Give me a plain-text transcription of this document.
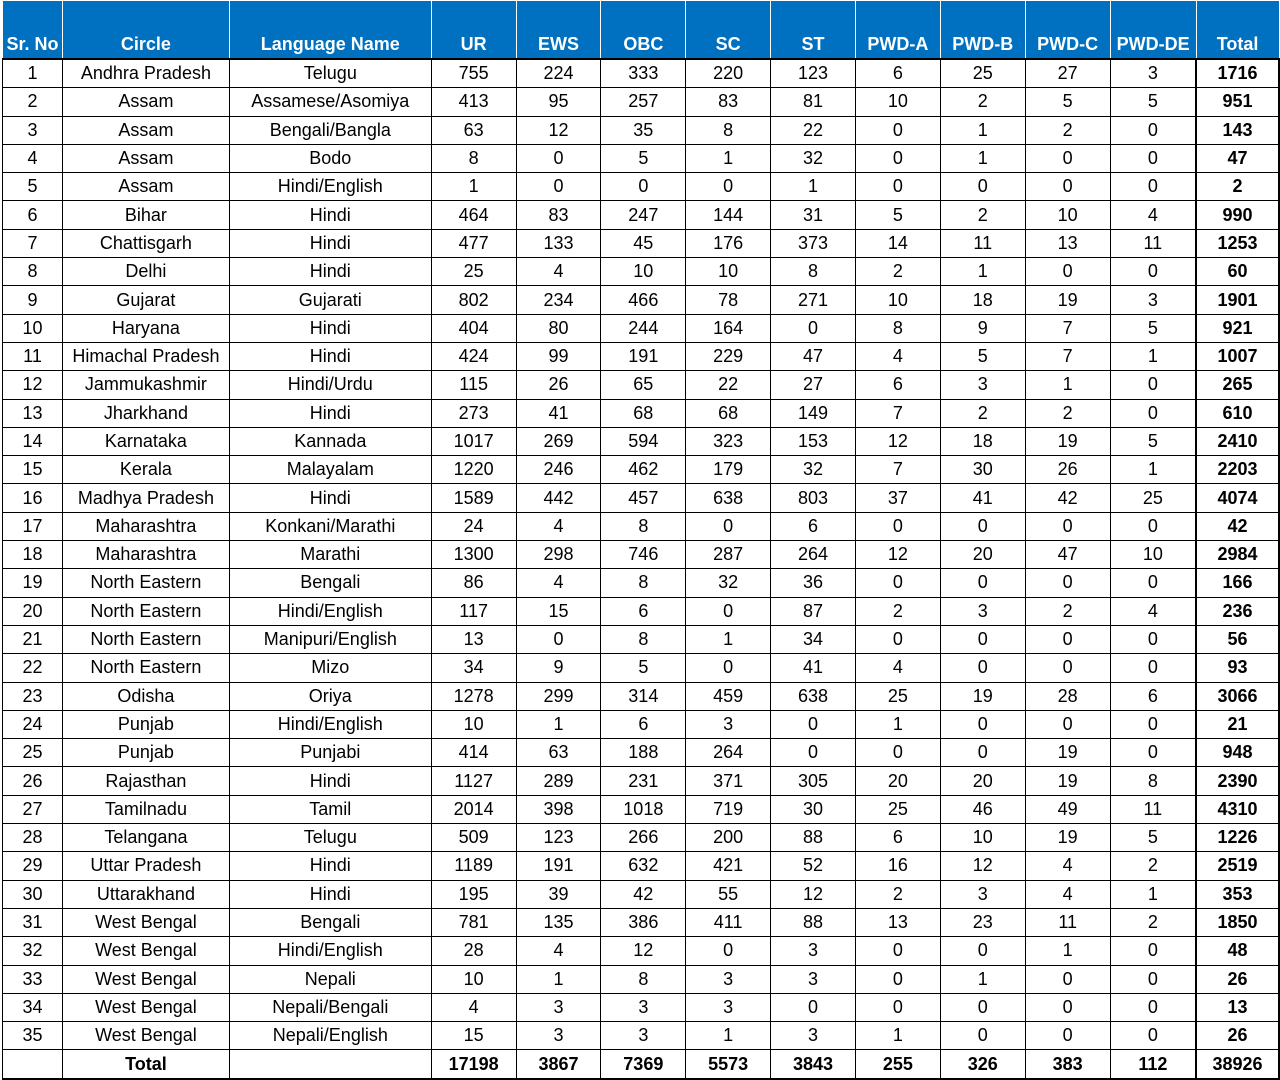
Sr. No	Circle	Language Name	UR	EWS	OBC	SC	ST	PWD-A	PWD-B	PWD-C	PWD-DE	Total
1	Andhra Pradesh	Telugu	755	224	333	220	123	6	25	27	3	1716
2	Assam	Assamese/Asomiya	413	95	257	83	81	10	2	5	5	951
3	Assam	Bengali/Bangla	63	12	35	8	22	0	1	2	0	143
4	Assam	Bodo	8	0	5	1	32	0	1	0	0	47
5	Assam	Hindi/English	1	0	0	0	1	0	0	0	0	2
6	Bihar	Hindi	464	83	247	144	31	5	2	10	4	990
7	Chattisgarh	Hindi	477	133	45	176	373	14	11	13	11	1253
8	Delhi	Hindi	25	4	10	10	8	2	1	0	0	60
9	Gujarat	Gujarati	802	234	466	78	271	10	18	19	3	1901
10	Haryana	Hindi	404	80	244	164	0	8	9	7	5	921
11	Himachal Pradesh	Hindi	424	99	191	229	47	4	5	7	1	1007
12	Jammukashmir	Hindi/Urdu	115	26	65	22	27	6	3	1	0	265
13	Jharkhand	Hindi	273	41	68	68	149	7	2	2	0	610
14	Karnataka	Kannada	1017	269	594	323	153	12	18	19	5	2410
15	Kerala	Malayalam	1220	246	462	179	32	7	30	26	1	2203
16	Madhya Pradesh	Hindi	1589	442	457	638	803	37	41	42	25	4074
17	Maharashtra	Konkani/Marathi	24	4	8	0	6	0	0	0	0	42
18	Maharashtra	Marathi	1300	298	746	287	264	12	20	47	10	2984
19	North Eastern	Bengali	86	4	8	32	36	0	0	0	0	166
20	North Eastern	Hindi/English	117	15	6	0	87	2	3	2	4	236
21	North Eastern	Manipuri/English	13	0	8	1	34	0	0	0	0	56
22	North Eastern	Mizo	34	9	5	0	41	4	0	0	0	93
23	Odisha	Oriya	1278	299	314	459	638	25	19	28	6	3066
24	Punjab	Hindi/English	10	1	6	3	0	1	0	0	0	21
25	Punjab	Punjabi	414	63	188	264	0	0	0	19	0	948
26	Rajasthan	Hindi	1127	289	231	371	305	20	20	19	8	2390
27	Tamilnadu	Tamil	2014	398	1018	719	30	25	46	49	11	4310
28	Telangana	Telugu	509	123	266	200	88	6	10	19	5	1226
29	Uttar Pradesh	Hindi	1189	191	632	421	52	16	12	4	2	2519
30	Uttarakhand	Hindi	195	39	42	55	12	2	3	4	1	353
31	West Bengal	Bengali	781	135	386	411	88	13	23	11	2	1850
32	West Bengal	Hindi/English	28	4	12	0	3	0	0	1	0	48
33	West Bengal	Nepali	10	1	8	3	3	0	1	0	0	26
34	West Bengal	Nepali/Bengali	4	3	3	3	0	0	0	0	0	13
35	West Bengal	Nepali/English	15	3	3	1	3	1	0	0	0	26
	Total		17198	3867	7369	5573	3843	255	326	383	112	38926
